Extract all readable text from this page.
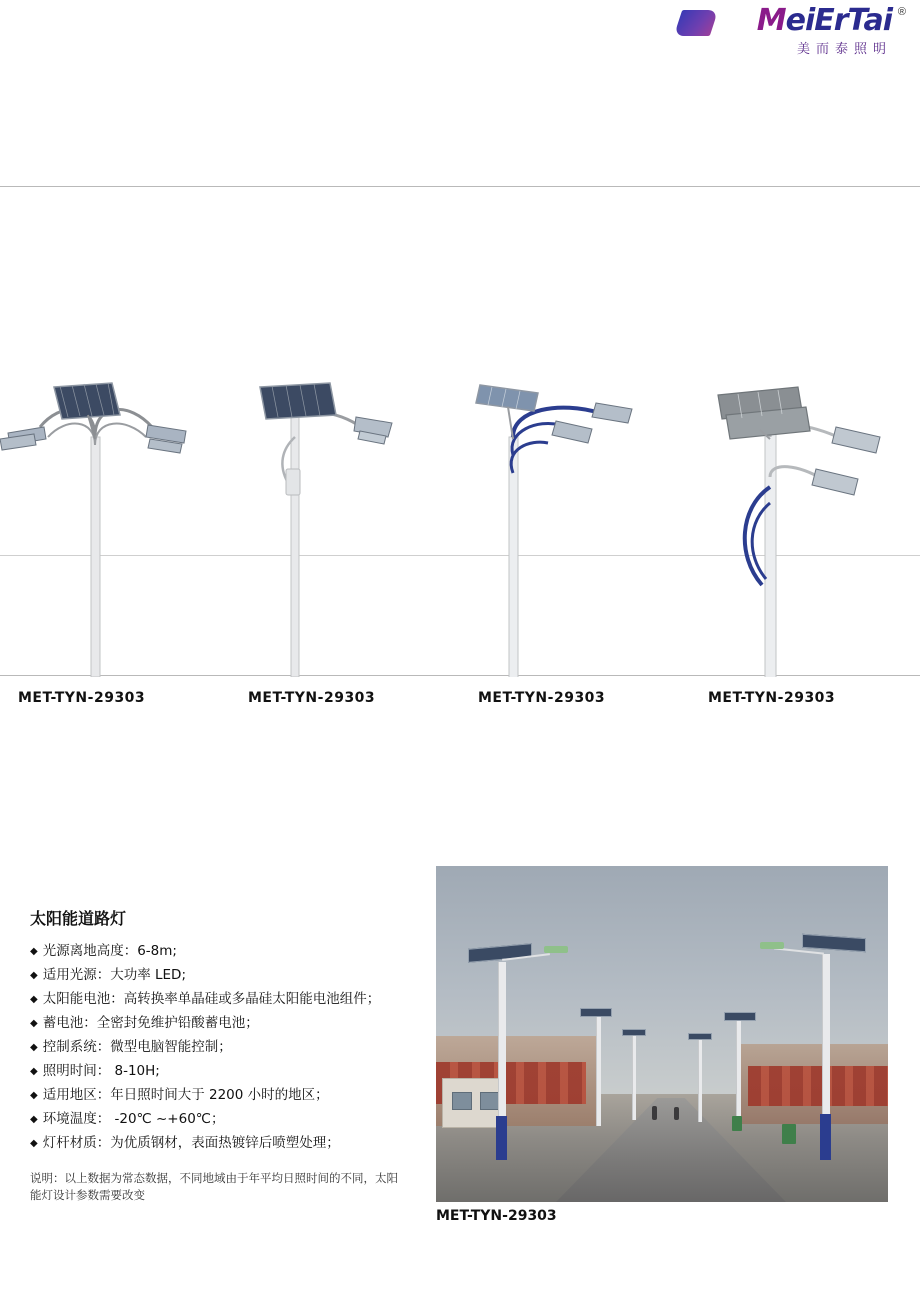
®
MeiErTai
美而泰照明
MET-TYN-29303	MET-TYN-29303	MET-TYN-29303	MET-TYN-29303
太阳能道路灯
◆ 光源离地高度：6-8m;
◆ 适用光源：大功率 LED;
◆ 太阳能电池：高转换率单晶硅或多晶硅太阳能电池组件；
◆ 蓄电池：全密封免维护铅酸蓄电池；
◆ 控制系统：微型电脑智能控制；
◆ 照明时间： 8-10H;
◆ 适用地区：年日照时间大于 2200 小时的地区；
◆ 环境温度： -20℃ ~+60℃；
◆ 灯杆材质：为优质钢材，表面热镀锌后喷塑处理；
说明：以上数据为常态数据，不同地域由于年平均日照时间的不同，太阳能灯设计参数需要改变
MET-TYN-29303
